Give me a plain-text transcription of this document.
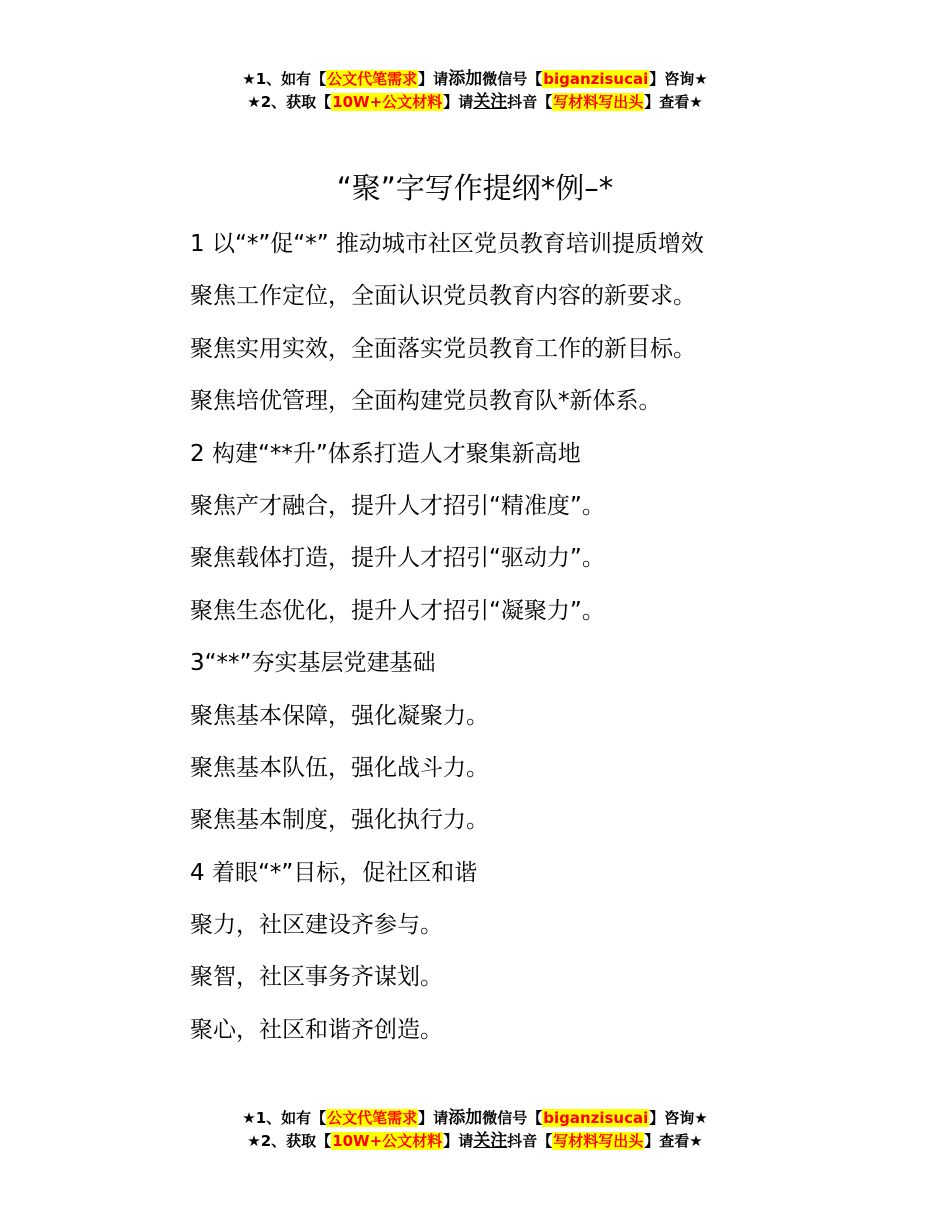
★1、如有【公文代笔需求】请添加微信号【biganzisucai】咨询★
★2、获取【10W+公文材料】请关注抖音【写材料写出头】查看★
“聚”字写作提纲*例–*
1 以“*”促“*” 推动城市社区党员教育培训提质增效
聚焦工作定位，全面认识党员教育内容的新要求。
聚焦实用实效，全面落实党员教育工作的新目标。
聚焦培优管理，全面构建党员教育队*新体系。
2 构建“**升”体系打造人才聚集新高地
聚焦产才融合，提升人才招引“精准度”。
聚焦载体打造，提升人才招引“驱动力”。
聚焦生态优化，提升人才招引“凝聚力”。
3“**”夯实基层党建基础
聚焦基本保障，强化凝聚力。
聚焦基本队伍，强化战斗力。
聚焦基本制度，强化执行力。
4 着眼“*”目标，促社区和谐
聚力，社区建设齐参与。
聚智，社区事务齐谋划。
聚心，社区和谐齐创造。
★1、如有【公文代笔需求】请添加微信号【biganzisucai】咨询★
★2、获取【10W+公文材料】请关注抖音【写材料写出头】查看★
